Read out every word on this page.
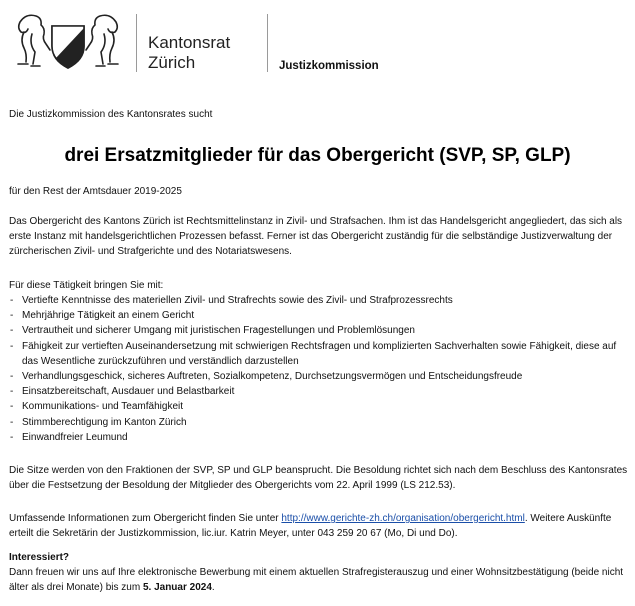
Kantonsrat
Zürich	Justizkommission
Die Justizkommission des Kantonsrates sucht
drei Ersatzmitglieder für das Obergericht (SVP, SP, GLP)
für den Rest der Amtsdauer 2019-2025
Das Obergericht des Kantons Zürich ist Rechtsmittelinstanz in Zivil- und Strafsachen. Ihm ist das Handelsgericht angegliedert, das sich als erste Instanz mit handelsgerichtlichen Prozessen befasst. Ferner ist das Obergericht zuständig für die selbständige Justizverwaltung der zürcherischen Zivil- und Strafgerichte und des Notariatswesens.
Für diese Tätigkeit bringen Sie mit:
- Vertiefte Kenntnisse des materiellen Zivil- und Strafrechts sowie des Zivil- und Strafprozessrechts
- Mehrjährige Tätigkeit an einem Gericht
- Vertrautheit und sicherer Umgang mit juristischen Fragestellungen und Problemlösungen
- Fähigkeit zur vertieften Auseinandersetzung mit schwierigen Rechtsfragen und komplizierten Sachverhalten sowie Fähigkeit, diese auf das Wesentliche zurückzuführen und verständlich darzustellen
- Verhandlungsgeschick, sicheres Auftreten, Sozialkompetenz, Durchsetzungsvermögen und Entscheidungsfreude
- Einsatzbereitschaft, Ausdauer und Belastbarkeit
- Kommunikations- und Teamfähigkeit
- Stimmberechtigung im Kanton Zürich
- Einwandfreier Leumund
Die Sitze werden von den Fraktionen der SVP, SP und GLP beansprucht. Die Besoldung richtet sich nach dem Beschluss des Kantonsrates über die Festsetzung der Besoldung der Mitglieder des Obergerichts vom 22. April 1999 (LS 212.53).
Umfassende Informationen zum Obergericht finden Sie unter http://www.gerichte-zh.ch/organisation/obergericht.html. Weitere Auskünfte erteilt die Sekretärin der Justizkommission, lic.iur. Katrin Meyer, unter 043 259 20 67 (Mo, Di und Do).
Interessiert?
Dann freuen wir uns auf Ihre elektronische Bewerbung mit einem aktuellen Strafregisterauszug und einer Wohnsitzbestätigung (beide nicht älter als drei Monate) bis zum 5. Januar 2024.
